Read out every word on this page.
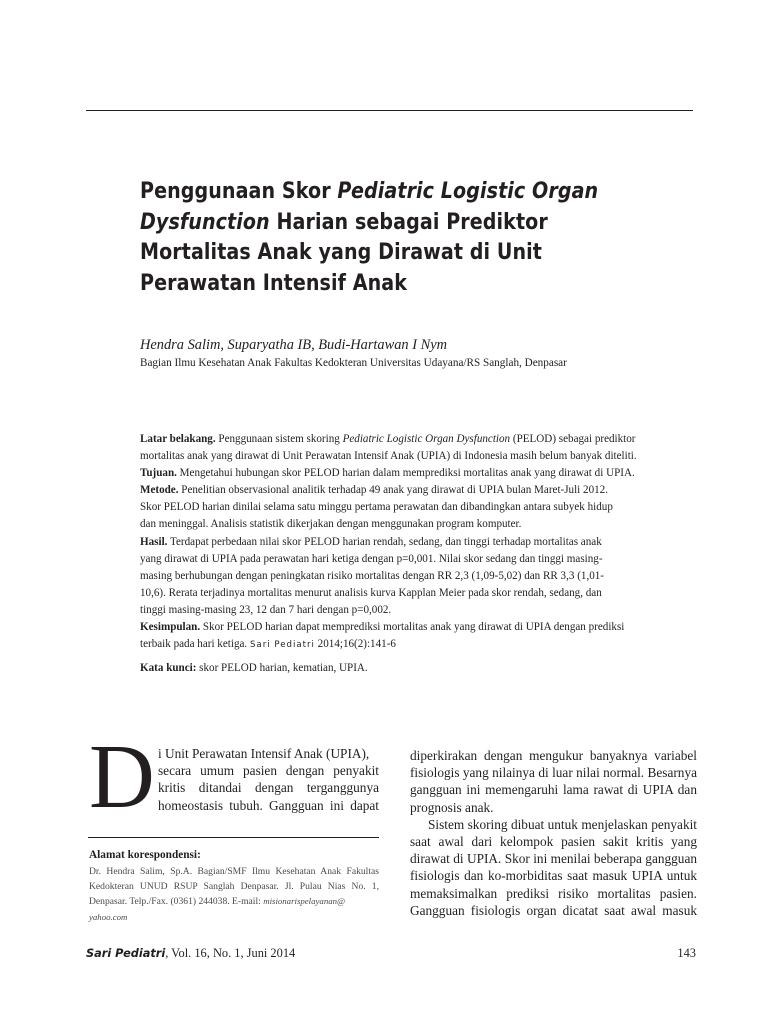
Penggunaan Skor Pediatric Logistic Organ
Dysfunction Harian sebagai Prediktor
Mortalitas Anak yang Dirawat di Unit
Perawatan Intensif Anak
Hendra Salim, Suparyatha IB, Budi-Hartawan I Nym
Bagian Ilmu Kesehatan Anak Fakultas Kedokteran Universitas Udayana/RS Sanglah, Denpasar
Latar belakang. Penggunaan sistem skoring Pediatric Logistic Organ Dysfunction (PELOD) sebagai prediktor
mortalitas anak yang dirawat di Unit Perawatan Intensif Anak (UPIA) di Indonesia masih belum banyak diteliti.
Tujuan. Mengetahui hubungan skor PELOD harian dalam memprediksi mortalitas anak yang dirawat di UPIA.
Metode. Penelitian observasional analitik terhadap 49 anak yang dirawat di UPIA bulan Maret-Juli 2012.
Skor PELOD harian dinilai selama satu minggu pertama perawatan dan dibandingkan antara subyek hidup
dan meninggal. Analisis statistik dikerjakan dengan menggunakan program komputer.
Hasil. Terdapat perbedaan nilai skor PELOD harian rendah, sedang, dan tinggi terhadap mortalitas anak
yang dirawat di UPIA pada perawatan hari ketiga dengan p=0,001. Nilai skor sedang dan tinggi masing-
masing berhubungan dengan peningkatan risiko mortalitas dengan RR 2,3 (1,09-5,02) dan RR 3,3 (1,01-
10,6). Rerata terjadinya mortalitas menurut analisis kurva Kapplan Meier pada skor rendah, sedang, dan
tinggi masing-masing 23, 12 dan 7 hari dengan p=0,002.
Kesimpulan. Skor PELOD harian dapat memprediksi mortalitas anak yang dirawat di UPIA dengan prediksi
terbaik pada hari ketiga. Sari Pediatri 2014;16(2):141-6
Kata kunci: skor PELOD harian, kematian, UPIA.
D i Unit Perawatan Intensif Anak (UPIA),
secara umum pasien dengan penyakit
kritis ditandai dengan terganggunya
homeostasis tubuh. Gangguan ini dapat
diperkirakan dengan mengukur banyaknya variabel
fisiologis yang nilainya di luar nilai normal. Besarnya
gangguan ini memengaruhi lama rawat di UPIA dan
prognosis anak.
Sistem skoring dibuat untuk menjelaskan penyakit
saat awal dari kelompok pasien sakit kritis yang
dirawat di UPIA. Skor ini menilai beberapa gangguan
fisiologis dan ko-morbiditas saat masuk UPIA untuk
memaksimalkan prediksi risiko mortalitas pasien.
Gangguan fisiologis organ dicatat saat awal masuk
Alamat korespondensi:
Dr. Hendra Salim, Sp.A. Bagian/SMF Ilmu Kesehatan Anak Fakultas
Kedokteran UNUD RSUP Sanglah Denpasar. Jl. Pulau Nias No. 1,
Denpasar. Telp./Fax. (0361) 244038. E-mail: misionarispelayanan@
yahoo.com
Sari Pediatri, Vol. 16, No. 1, Juni 2014	143
